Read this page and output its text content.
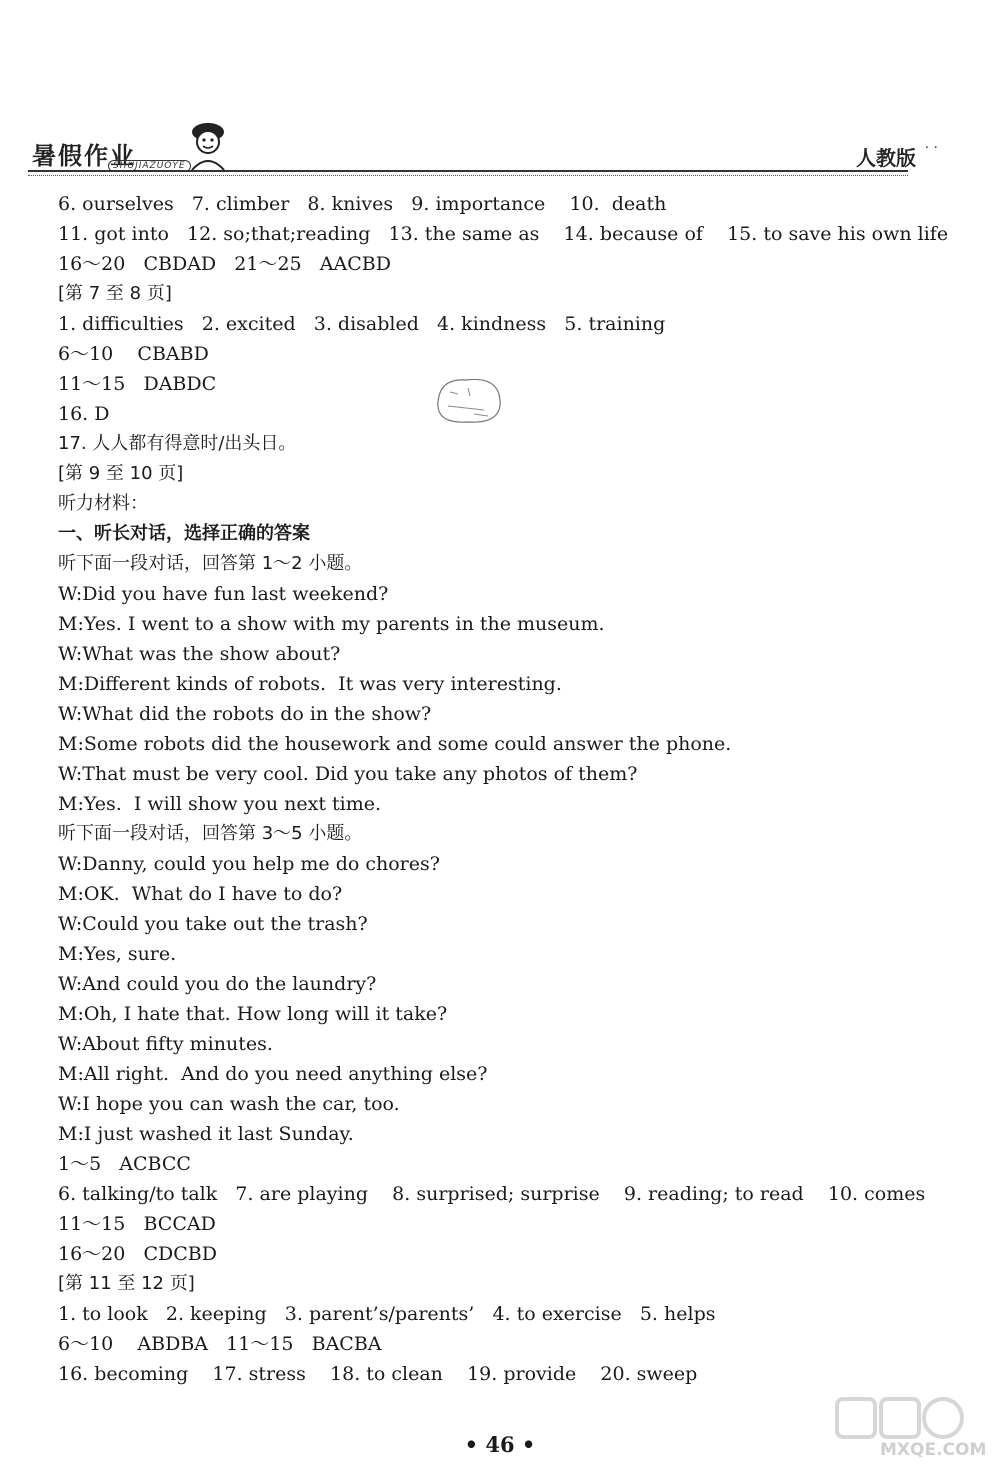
暑假作业
SHUJIAZUOYE	人教版 · ·
6. ourselves   7. climber   8. knives   9. importance    10.  death
11. got into   12. so;that;reading   13. the same as    14. because of    15. to save his own life
16～20   CBDAD   21～25   AACBD
[第 7 至 8 页]
1. difficulties   2. excited   3. disabled   4. kindness   5. training
6～10    CBABD
11～15   DABDC
16. D
17. 人人都有得意时/出头日。
[第 9 至 10 页]
听力材料：
一、听长对话，选择正确的答案
听下面一段对话，回答第 1～2 小题。
W:Did you have fun last weekend?
M:Yes. I went to a show with my parents in the museum.
W:What was the show about?
M:Different kinds of robots.  It was very interesting.
W:What did the robots do in the show?
M:Some robots did the housework and some could answer the phone.
W:That must be very cool. Did you take any photos of them?
M:Yes.  I will show you next time.
听下面一段对话，回答第 3～5 小题。
W:Danny, could you help me do chores?
M:OK.  What do I have to do?
W:Could you take out the trash?
M:Yes, sure.
W:And could you do the laundry?
M:Oh, I hate that. How long will it take?
W:About fifty minutes.
M:All right.  And do you need anything else?
W:I hope you can wash the car, too.
M:I just washed it last Sunday.
1～5   ACBCC
6. talking/to talk   7. are playing    8. surprised; surprise    9. reading; to read    10. comes
11～15   BCCAD
16～20   CDCBD
[第 11 至 12 页]
1. to look   2. keeping   3. parent’s/parents’   4. to exercise   5. helps
6～10    ABDBA   11～15   BACBA
16. becoming    17. stress    18. to clean    19. provide    20. sweep
• 46 •	MXQE.COM
